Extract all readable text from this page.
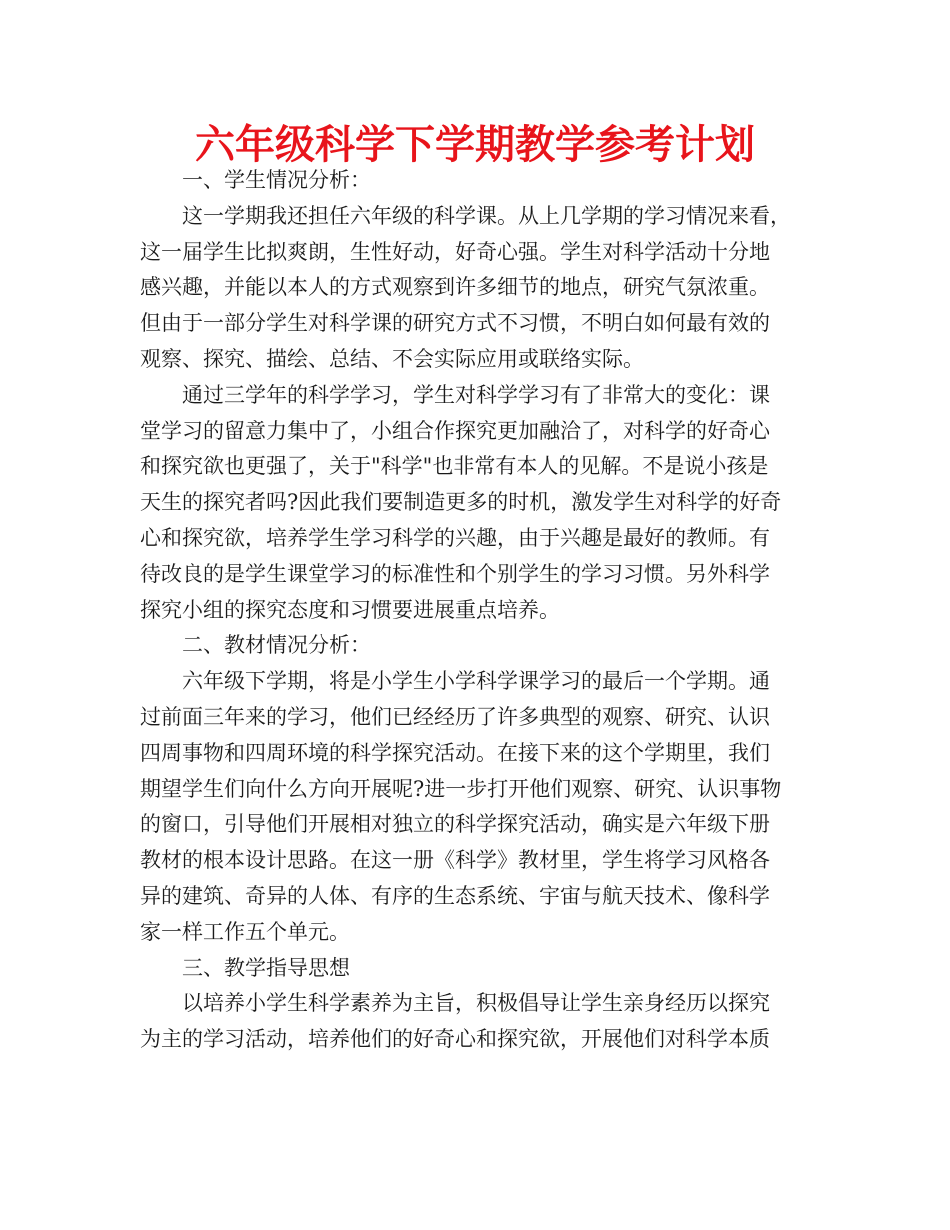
六年级科学下学期教学参考计划
一、学生情况分析：
这一学期我还担任六年级的科学课。从上几学期的学习情况来看，
这一届学生比拟爽朗，生性好动，好奇心强。学生对科学活动十分地
感兴趣，并能以本人的方式观察到许多细节的地点，研究气氛浓重。
但由于一部分学生对科学课的研究方式不习惯，不明白如何最有效的
观察、探究、描绘、总结、不会实际应用或联络实际。
通过三学年的科学学习，学生对科学学习有了非常大的变化：课
堂学习的留意力集中了，小组合作探究更加融洽了，对科学的好奇心
和探究欲也更强了，关于"科学"也非常有本人的见解。不是说小孩是
天生的探究者吗?因此我们要制造更多的时机，激发学生对科学的好奇
心和探究欲，培养学生学习科学的兴趣，由于兴趣是最好的教师。有
待改良的是学生课堂学习的标准性和个别学生的学习习惯。另外科学
探究小组的探究态度和习惯要进展重点培养。
二、教材情况分析：
六年级下学期，将是小学生小学科学课学习的最后一个学期。通
过前面三年来的学习，他们已经经历了许多典型的观察、研究、认识
四周事物和四周环境的科学探究活动。在接下来的这个学期里，我们
期望学生们向什么方向开展呢?进一步打开他们观察、研究、认识事物
的窗口，引导他们开展相对独立的科学探究活动，确实是六年级下册
教材的根本设计思路。在这一册《科学》教材里，学生将学习风格各
异的建筑、奇异的人体、有序的生态系统、宇宙与航天技术、像科学
家一样工作五个单元。
三、教学指导思想
以培养小学生科学素养为主旨，积极倡导让学生亲身经历以探究
为主的学习活动，培养他们的好奇心和探究欲，开展他们对科学本质
